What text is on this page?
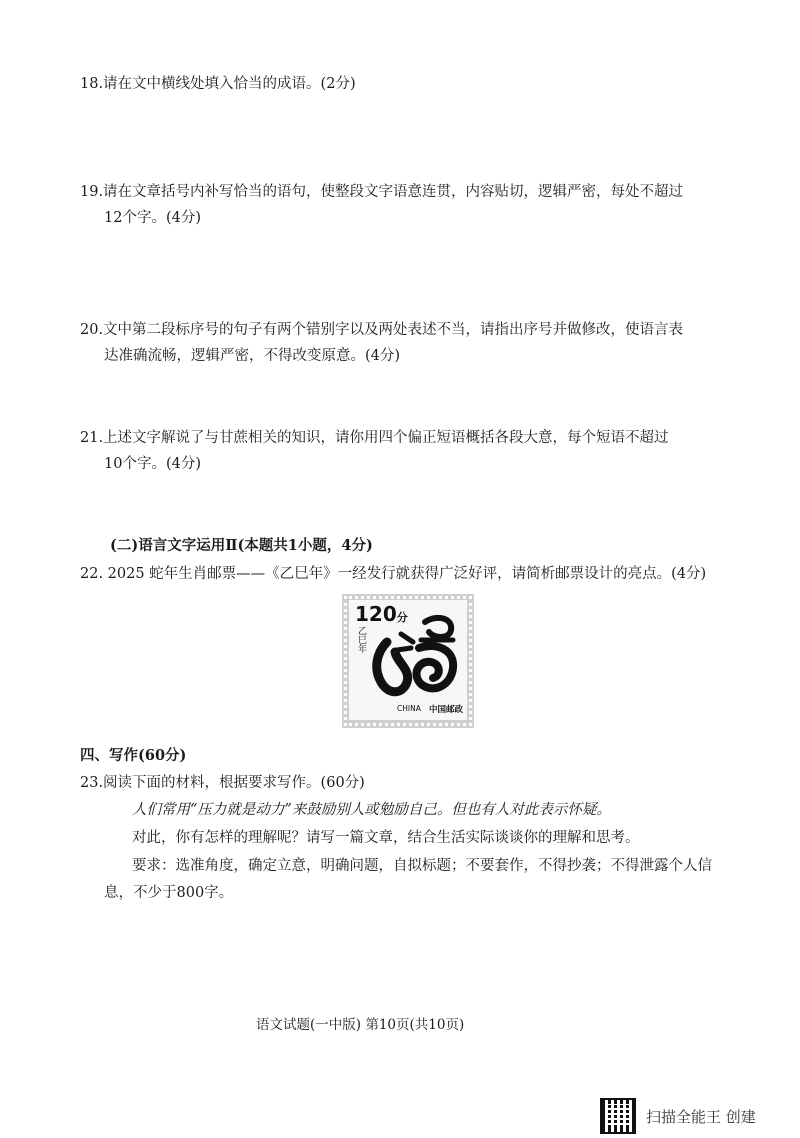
18.请在文中横线处填入恰当的成语。(2分)
19.请在文章括号内补写恰当的语句，使整段文字语意连贯，内容贴切，逻辑严密，每处不超过
12个字。(4分)
20.文中第二段标序号的句子有两个错别字以及两处表述不当，请指出序号并做修改，使语言表
达准确流畅，逻辑严密，不得改变原意。(4分)
21.上述文字解说了与甘蔗相关的知识，请你用四个偏正短语概括各段大意，每个短语不超过
10个字。(4分)
(二)语言文字运用Ⅱ(本题共1小题，4分)
22. 2025 蛇年生肖邮票——《乙巳年》一经发行就获得广泛好评，请简析邮票设计的亮点。(4分)
120分
乙巳年
CHINA 中国邮政
四、写作(60分)
23.阅读下面的材料，根据要求写作。(60分)
人们常用“压力就是动力”来鼓励别人或勉励自己。但也有人对此表示怀疑。
对此，你有怎样的理解呢？请写一篇文章，结合生活实际谈谈你的理解和思考。
要求：选准角度，确定立意，明确问题，自拟标题；不要套作，不得抄袭；不得泄露个人信
息，不少于800字。
语文试题(一中版) 第10页(共10页)
扫描全能王 创建
